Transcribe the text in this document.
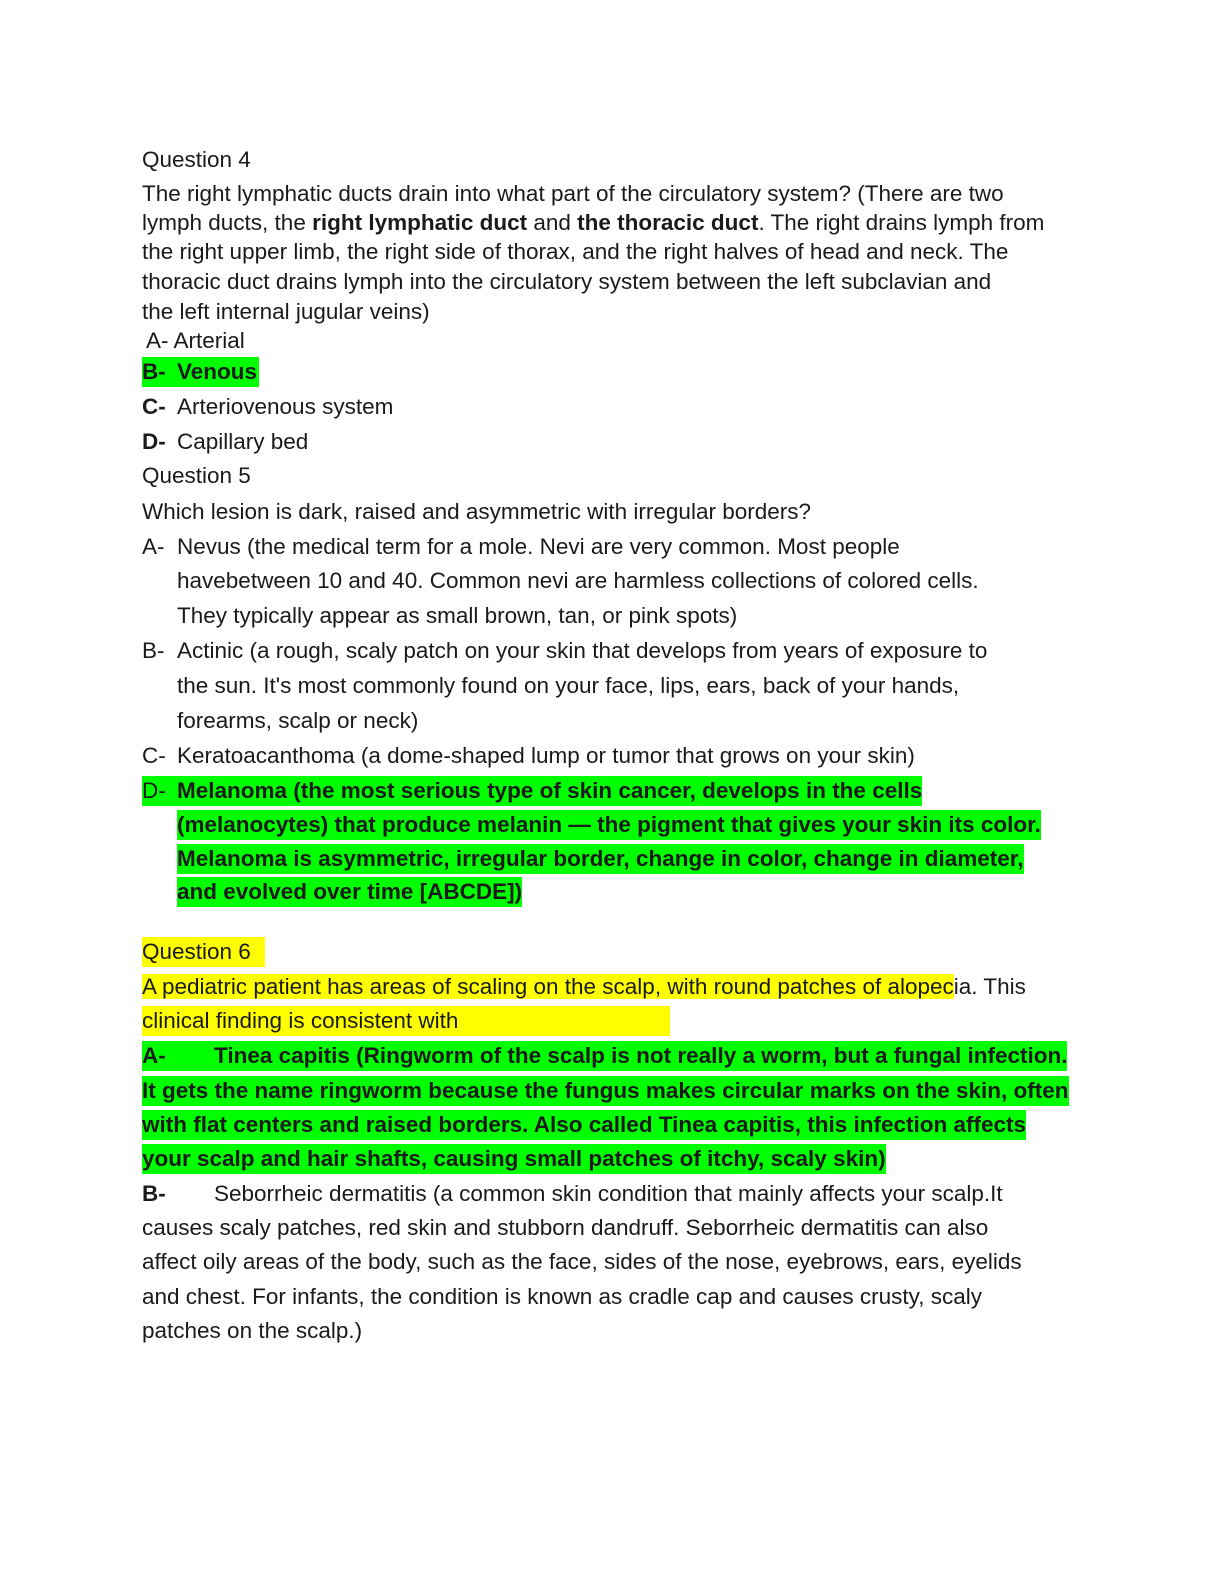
Question 4
The right lymphatic ducts drain into what part of the circulatory system? (There are two
lymph ducts, the right lymphatic duct and the thoracic duct. The right drains lymph from
the right upper limb, the right side of thorax, and the right halves of head and neck. The
thoracic duct drains lymph into the circulatory system between the left subclavian and
the left internal jugular veins)
A- Arterial
B- Venous
C- Arteriovenous system
D- Capillary bed
Question 5
Which lesion is dark, raised and asymmetric with irregular borders?
A- Nevus (the medical term for a mole. Nevi are very common. Most people
havebetween 10 and 40. Common nevi are harmless collections of colored cells.
They typically appear as small brown, tan, or pink spots)
B- Actinic (a rough, scaly patch on your skin that develops from years of exposure to
the sun. It's most commonly found on your face, lips, ears, back of your hands,
forearms, scalp or neck)
C- Keratoacanthoma (a dome-shaped lump or tumor that grows on your skin)
D- Melanoma (the most serious type of skin cancer, develops in the cells
(melanocytes) that produce melanin — the pigment that gives your skin its color.
Melanoma is asymmetric, irregular border, change in color, change in diameter,
and evolved over time [ABCDE])
Question 6
A pediatric patient has areas of scaling on the scalp, with round patches of alopecia. This
clinical finding is consistent with
A- Tinea capitis (Ringworm of the scalp is not really a worm, but a fungal infection.
It gets the name ringworm because the fungus makes circular marks on the skin, often
with flat centers and raised borders. Also called Tinea capitis, this infection affects
your scalp and hair shafts, causing small patches of itchy, scaly skin)
B- Seborrheic dermatitis (a common skin condition that mainly affects your scalp.It
causes scaly patches, red skin and stubborn dandruff. Seborrheic dermatitis can also
affect oily areas of the body, such as the face, sides of the nose, eyebrows, ears, eyelids
and chest. For infants, the condition is known as cradle cap and causes crusty, scaly
patches on the scalp.)
